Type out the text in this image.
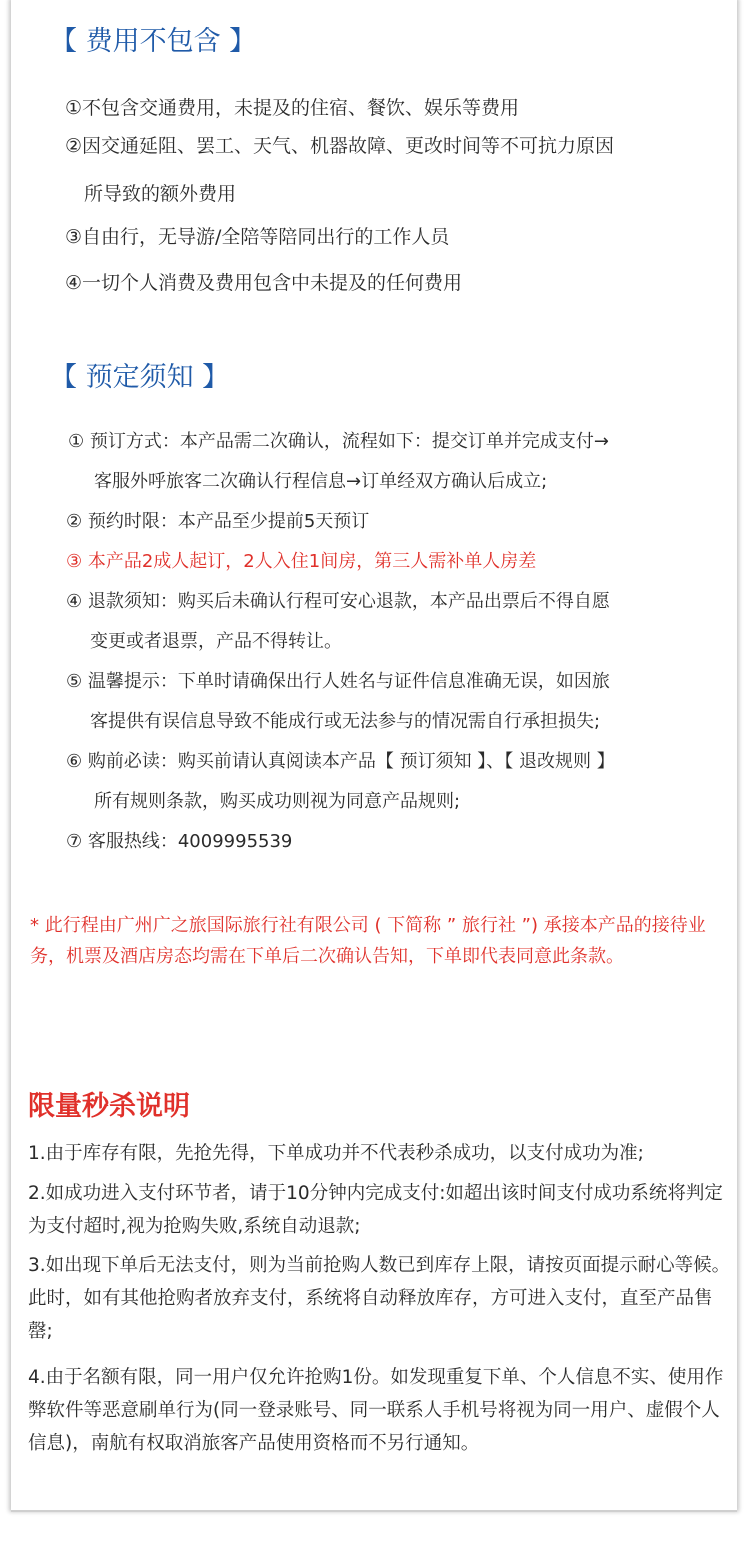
【 费用不包含 】
①不包含交通费用，未提及的住宿、餐饮、娱乐等费用
②因交通延阻、罢工、天气、机器故障、更改时间等不可抗力原因
所导致的额外费用
③自由行，无导游/全陪等陪同出行的工作人员
④一切个人消费及费用包含中未提及的任何费用
【 预定须知 】
① 预订方式：本产品需二次确认，流程如下：提交订单并完成支付→
客服外呼旅客二次确认行程信息→订单经双方确认后成立;
② 预约时限：本产品至少提前5天预订
③ 本产品2成人起订，2人入住1间房，第三人需补单人房差
④ 退款须知：购买后未确认行程可安心退款，本产品出票后不得自愿
变更或者退票，产品不得转让。
⑤ 温馨提示：下单时请确保出行人姓名与证件信息准确无误，如因旅
客提供有误信息导致不能成行或无法参与的情况需自行承担损失;
⑥ 购前必读：购买前请认真阅读本产品【 预订须知 】、【 退改规则 】
所有规则条款，购买成功则视为同意产品规则;
⑦ 客服热线：4009995539
* 此行程由广州广之旅国际旅行社有限公司 ( 下简称 ” 旅行社 ”) 承接本产品的接待业务，机票及酒店房态均需在下单后二次确认告知，下单即代表同意此条款。
限量秒杀说明
1.由于库存有限，先抢先得，下单成功并不代表秒杀成功，以支付成功为准;
2.如成功进入支付环节者，请于10分钟内完成支付:如超出该时间支付成功系统将判定为支付超时,视为抢购失败,系统自动退款;
3.如出现下单后无法支付，则为当前抢购人数已到库存上限，请按页面提示耐心等候。此时，如有其他抢购者放弃支付，系统将自动释放库存，方可进入支付，直至产品售罄;
4.由于名额有限，同一用户仅允许抢购1份。如发现重复下单、个人信息不实、使用作弊软件等恶意刷单行为(同一登录账号、同一联系人手机号将视为同一用户、虚假个人信息)，南航有权取消旅客产品使用资格而不另行通知。
